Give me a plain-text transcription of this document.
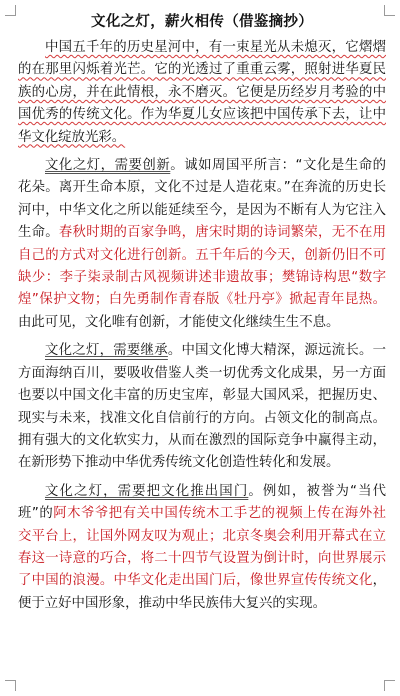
文化之灯，薪火相传（借鉴摘抄）

中国五千年的历史星河中，有一束星光从未熄灭，它熠熠的在那里闪烁着光芒。它的光透过了重重云雾，照射进华夏民族的心房，并在此情根，永不磨灭。它便是历经岁月考验的中国优秀的传统文化。作为华夏儿女应该把中国传承下去，让中华文化绽放光彩。

文化之灯，需要创新。诚如周国平所言：“文化是生命的花朵。离开生命本原，文化不过是人造花束。”在奔流的历史长河中，中华文化之所以能延续至今，是因为不断有人为它注入生命。春秋时期的百家争鸣，唐宋时期的诗词繁荣，无不在用自己的方式对文化进行创新。五千年后的今天，创新仍旧不可缺少：李子柒录制古风视频讲述非遗故事；樊锦诗构思“数字煌”保护文物；白先勇制作青春版《牡丹亭》掀起青年昆热。由此可见，文化唯有创新，才能使文化继续生生不息。

文化之灯，需要继承。中国文化博大精深，源远流长。一方面海纳百川，要吸收借鉴人类一切优秀文化成果，另一方面也要以中国文化丰富的历史宝库，彰显大国风采，把握历史、现实与未来，找准文化自信前行的方向。占领文化的制高点。拥有强大的文化软实力，从而在激烈的国际竞争中赢得主动，在新形势下推动中华优秀传统文化创造性转化和发展。

文化之灯，需要把文化推出国门。例如，被誉为“当代班”的阿木爷爷把有关中国传统木工手艺的视频上传在海外社交平台上，让国外网友叹为观止；北京冬奥会利用开幕式在立春这一诗意的巧合，将二十四节气设置为倒计时，向世界展示了中国的浪漫。中华文化走出国门后，像世界宣传传统文化，便于立好中国形象，推动中华民族伟大复兴的实现。
